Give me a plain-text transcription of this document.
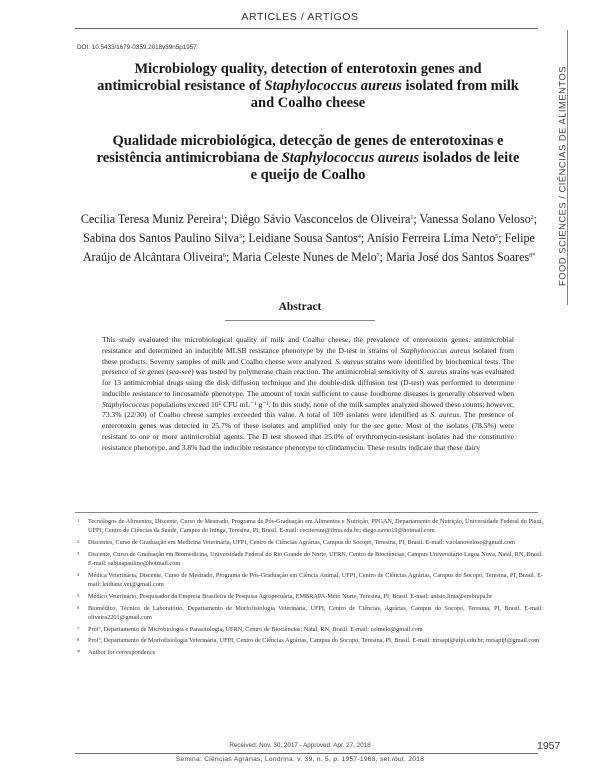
ARTICLES / ARTIGOS
DOI: 10.5433/1679-0359.2018v39n5p1957
FOOD SCIENCES / CIÊNCIAS DE ALIMENTOS
Microbiology quality, detection of enterotoxin genes and antimicrobial resistance of Staphylococcus aureus isolated from milk and Coalho cheese
Qualidade microbiológica, detecção de genes de enterotoxinas e resistência antimicrobiana de Staphylococcus aureus isolados de leite e queijo de Coalho
Cecília Teresa Muniz Pereira$^1$; Diêgo Sávio Vasconcelos de Oliveira$^1$; Vanessa Solano Veloso$^2$; Sabina dos Santos Paulino Silva$^3$; Leidiane Sousa Santos$^4$; Anísio Ferreira Lima Neto$^5$; Felipe Araújo de Alcântara Oliveira$^6$; Maria Celeste Nunes de Melo$^7$; Maria José dos Santos Soares$^{8*}$
Abstract
This study evaluated the microbiological quality of milk and Coalho cheese, the prevalence of enterotoxin genes, antimicrobial resistance and determined an inducible MLSB resistance phenotype by the D-test in strains of Staphylococcus aureus isolated from these products. Seventy samples of milk and Coalho cheese were analyzed. S. aureus strains were identified by biochemical tests. The presence of se genes (sea-see) was tested by polymerase chain reaction. The antimicrobial sensitivity of S. aureus strains was evaluated for 13 antimicrobial drugs using the disk diffusion technique and the double-disk diffusion test (D-test) was performed to determine inducible resistance to lincosamide phenotype. The amount of toxin sufficient to cause foodborne diseases is generally observed when Staphylococcus populations exceed 10⁵ CFU mL⁻¹ g⁻¹. In this study, none of the milk samples analyzed showed these counts; however, 73.3% (22/30) of Coalho cheese samples exceeded this value. A total of 109 isolates were identified as S. aureus. The presence of enterotoxin genes was detected in 25.7% of these isolates and amplified only for the sec gene. Most of the isolates (78.5%) were resistant to one or more antimicrobial agents. The D test showed that 25.0% of erythromycin-resistant isolates had the constitutive resistance phenotype, and 3.8% had the inducible resistance phenotype to clindamycin. These results indicate that these dairy
1 Tecnólogos de Alimentos, Discente, Curso de Mestrado, Programa de Pós-Graduação em Alimentos e Nutrição, PPGAN, Departamento de Nutrição, Universidade Federal do Piauí, UFPI, Centro de Ciências da Saúde, Campus do Ininga, Teresina, PI, Brasil. E-mail: cecitereza@ifma.edu.br; diego.savio19@hotmail.com
2 Discentes, Curso de Graduação em Medicina Veterinária, UFPI, Centro de Ciências Agrárias, Campus do Socopo, Teresina, PI, Brasil. E-mail: v.solanoveloso@gmail.com
3 Discente, Curso de Graduação em Biomedicina, Universidade Federal do Rio Grande do Norte, UFRN, Centro de Biociências, Campus Universitário Lagoa Nova, Natal, RN, Brasil. E-mail: sabinapaulino@hotmail.com
4 Médica Veterinária, Discente, Curso de Mestrado, Programa de Pós-Graduação em Ciência Animal, UFPI, Centro de Ciências Agrárias, Campus do Socopo, Teresina, PI, Brasil. E-mail: leidiane.vet@gmail.com
5 Médico Veterinário, Pesquisador da Empresa Brasileira de Pesquisa Agropecuária, EMBRAPA-Meio Norte, Teresina, PI, Brasil. E-mail: anisio.lima@embrapa.br
6 Biomédico, Técnico de Laboratório, Departamento de Morfofisiologia Veterinária, UFPI, Centro de Ciências, Agrárias, Campus do Socopo, Teresina, PI, Brasil. E-mail: oliveira2201@gmail.com
7 Profª, Departamento de Microbiologia e Parasitologia, UFRN, Centro de Biociências; Natal, RN, Brasil. E-mail: celmelo@gmail.com
8 Profª, Departamento de Morfofisiologia Veterinária, UFPI, Centro de Ciências Agrárias, Campus do Socopo, Teresina, PI, Brasil. E-mail: mrsapi@ufpi.edu.br; mrsapijf@gmail.com
* Author for correspondence
Received: Nov. 30, 2017 - Approved: Apr. 27, 2018	1957
Semina: Ciências Agrárias, Londrina, v. 39, n. 5, p. 1957-1968, set./out. 2018
